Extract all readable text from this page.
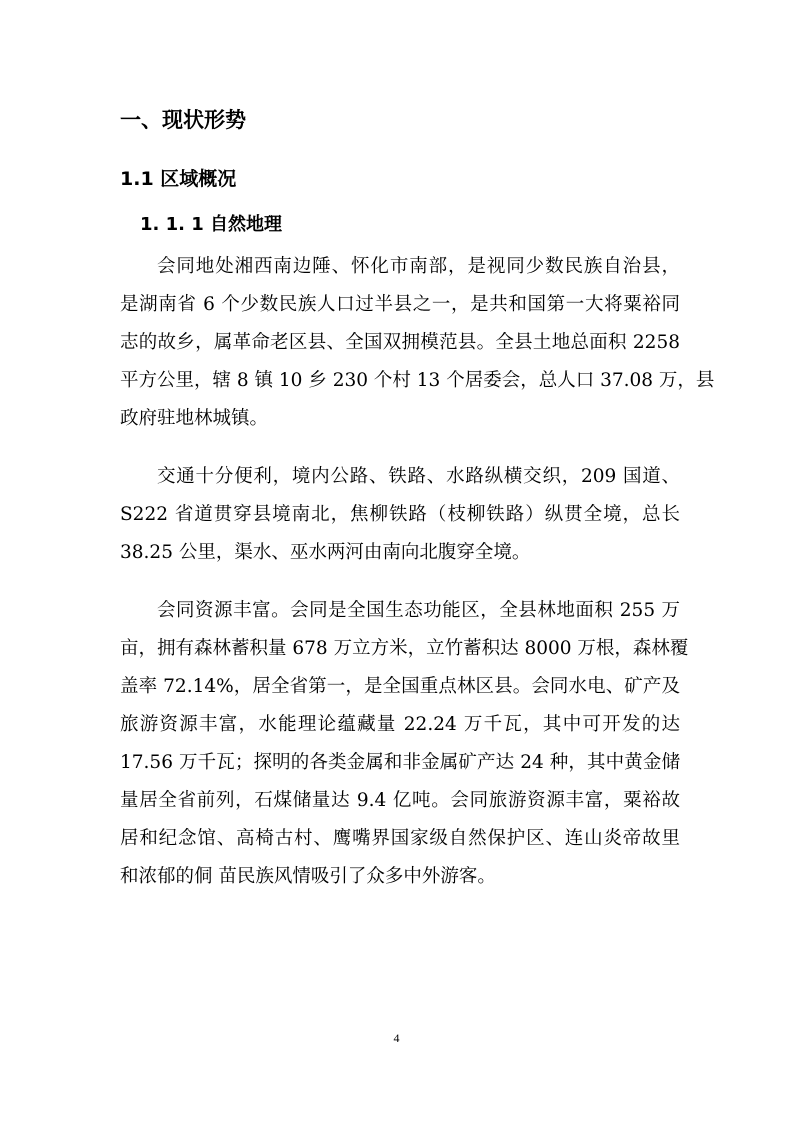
一、现状形势
1.1 区域概况
1. 1. 1 自然地理
会同地处湘西南边陲、怀化市南部，是视同少数民族自治县，
是湖南省 6 个少数民族人口过半县之一，是共和国第一大将粟裕同
志的故乡，属革命老区县、全国双拥模范县。全县土地总面积 2258
平方公里，辖 8 镇 10 乡 230 个村 13 个居委会，总人口 37.08 万，县
政府驻地林城镇。
交通十分便利，境内公路、铁路、水路纵横交织，209 国道、
S222 省道贯穿县境南北，焦柳铁路（枝柳铁路）纵贯全境，总长
38.25 公里，渠水、巫水两河由南向北腹穿全境。
会同资源丰富。会同是全国生态功能区，全县林地面积 255 万
亩，拥有森林蓄积量 678 万立方米，立竹蓄积达 8000 万根，森林覆
盖率 72.14%，居全省第一，是全国重点林区县。会同水电、矿产及
旅游资源丰富，水能理论蕴藏量 22.24 万千瓦，其中可开发的达
17.56 万千瓦；探明的各类金属和非金属矿产达 24 种，其中黄金储
量居全省前列，石煤储量达 9.4 亿吨。会同旅游资源丰富，粟裕故
居和纪念馆、高椅古村、鹰嘴界国家级自然保护区、连山炎帝故里
和浓郁的侗 苗民族风情吸引了众多中外游客。
4
